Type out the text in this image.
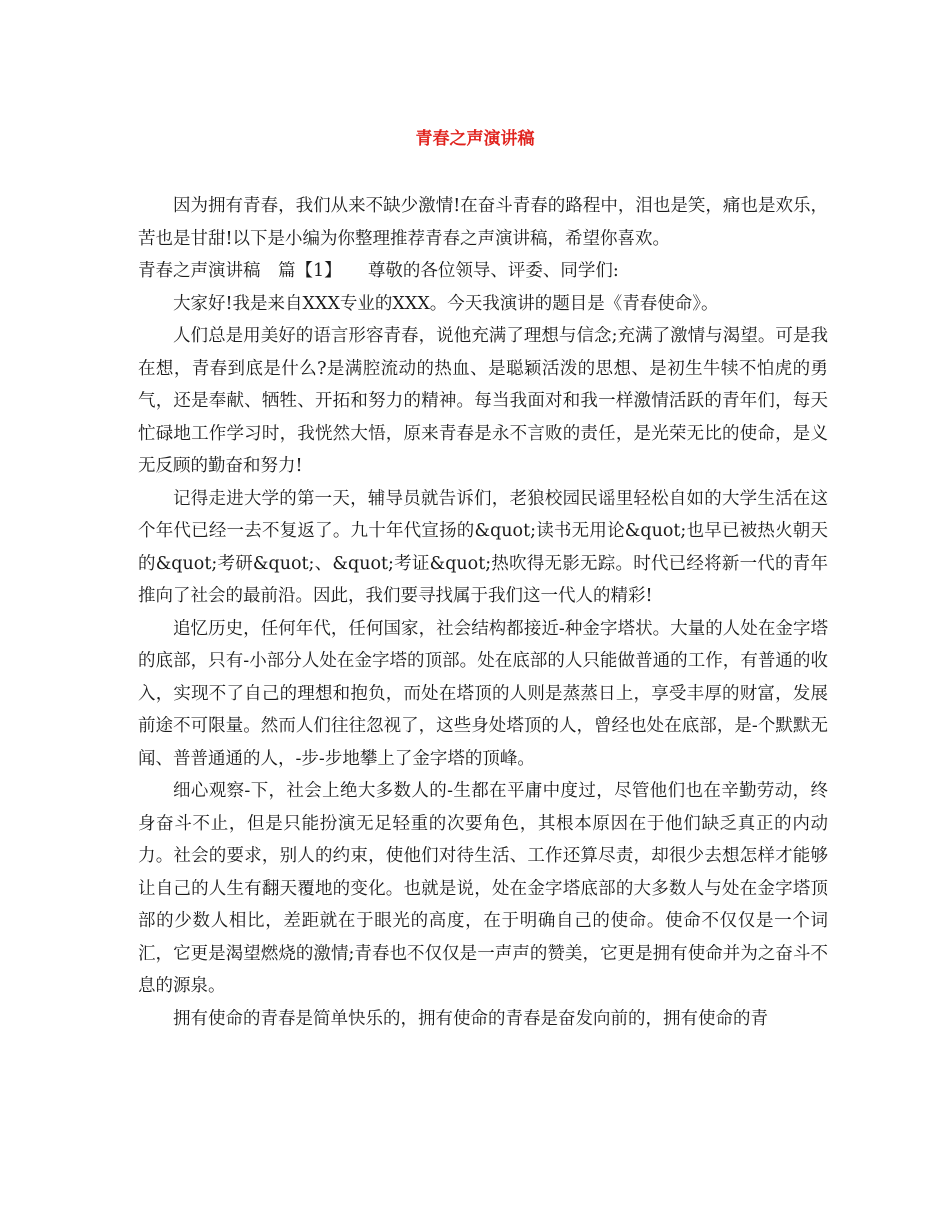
青春之声演讲稿

因为拥有青春，我们从来不缺少激情!在奋斗青春的路程中，泪也是笑，痛也是欢乐，苦也是甘甜!以下是小编为你整理推荐青春之声演讲稿，希望你喜欢。

青春之声演讲稿　篇【1】　　尊敬的各位领导、评委、同学们:

大家好!我是来自XXX专业的XXX。今天我演讲的题目是《青春使命》。

人们总是用美好的语言形容青春，说他充满了理想与信念;充满了激情与渴望。可是我在想，青春到底是什么?是满腔流动的热血、是聪颖活泼的思想、是初生牛犊不怕虎的勇气，还是奉献、牺牲、开拓和努力的精神。每当我面对和我一样激情活跃的青年们，每天忙碌地工作学习时，我恍然大悟，原来青春是永不言败的责任，是光荣无比的使命，是义无反顾的勤奋和努力!

记得走进大学的第一天，辅导员就告诉们，老狼校园民谣里轻松自如的大学生活在这个年代已经一去不复返了。九十年代宣扬的&quot;读书无用论&quot;也早已被热火朝天的&quot;考研&quot;、&quot;考证&quot;热吹得无影无踪。时代已经将新一代的青年推向了社会的最前沿。因此，我们要寻找属于我们这一代人的精彩!

追忆历史，任何年代，任何国家，社会结构都接近-种金字塔状。大量的人处在金字塔的底部，只有-小部分人处在金字塔的顶部。处在底部的人只能做普通的工作，有普通的收入，实现不了自己的理想和抱负，而处在塔顶的人则是蒸蒸日上，享受丰厚的财富，发展前途不可限量。然而人们往往忽视了，这些身处塔顶的人，曾经也处在底部，是-个默默无闻、普普通通的人，-步-步地攀上了金字塔的顶峰。

细心观察-下，社会上绝大多数人的-生都在平庸中度过，尽管他们也在辛勤劳动，终身奋斗不止，但是只能扮演无足轻重的次要角色，其根本原因在于他们缺乏真正的内动力。社会的要求，别人的约束，使他们对待生活、工作还算尽责，却很少去想怎样才能够让自己的人生有翻天覆地的变化。也就是说，处在金字塔底部的大多数人与处在金字塔顶部的少数人相比，差距就在于眼光的高度，在于明确自己的使命。使命不仅仅是一个词汇，它更是渴望燃烧的激情;青春也不仅仅是一声声的赞美，它更是拥有使命并为之奋斗不息的源泉。

拥有使命的青春是简单快乐的，拥有使命的青春是奋发向前的，拥有使命的青
